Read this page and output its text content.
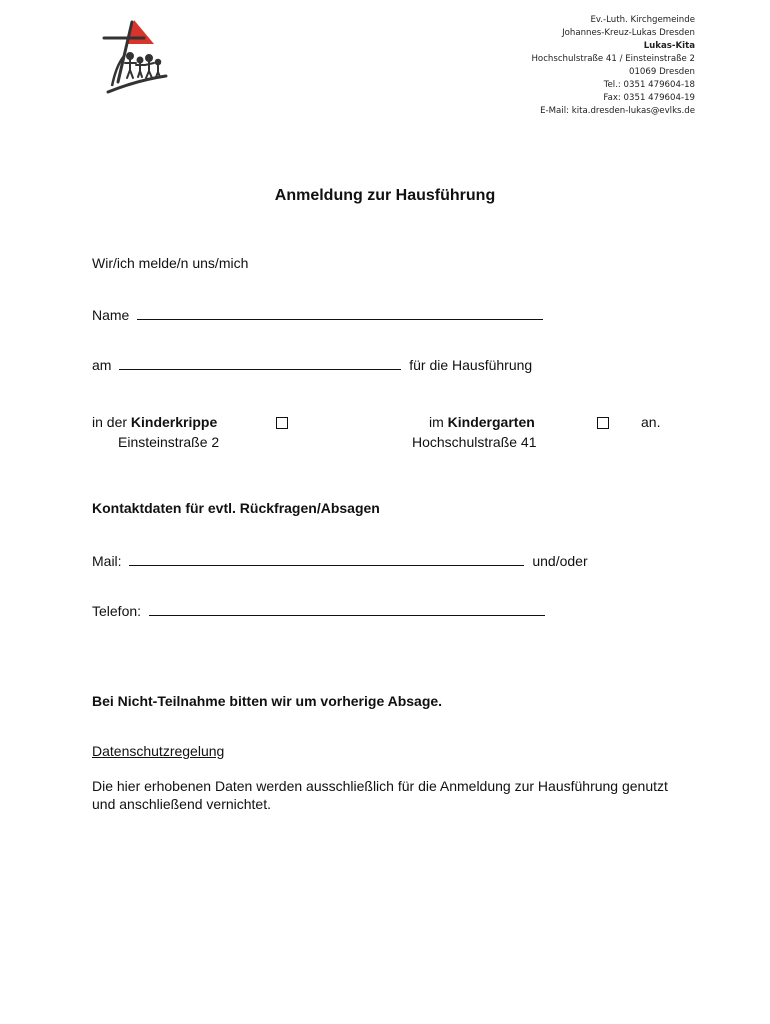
Ev.-Luth. Kirchgemeinde
Johannes-Kreuz-Lukas Dresden
Lukas-Kita
Hochschulstraße 41 / Einsteinstraße 2
01069 Dresden
Tel.: 0351 479604-18
Fax: 0351 479604-19
E-Mail: kita.dresden-lukas@evlks.de
Anmeldung zur Hausführung
Wir/ich melde/n uns/mich
Name
am	für die Hausführung
in der Kinderkrippe
Einsteinstraße 2
im Kindergarten
Hochschulstraße 41
an.
Kontaktdaten für evtl. Rückfragen/Absagen
Mail:	und/oder
Telefon:
Bei Nicht-Teilnahme bitten wir um vorherige Absage.
Datenschutzregelung
Die hier erhobenen Daten werden ausschließlich für die Anmeldung zur Hausführung genutzt und anschließend vernichtet.
